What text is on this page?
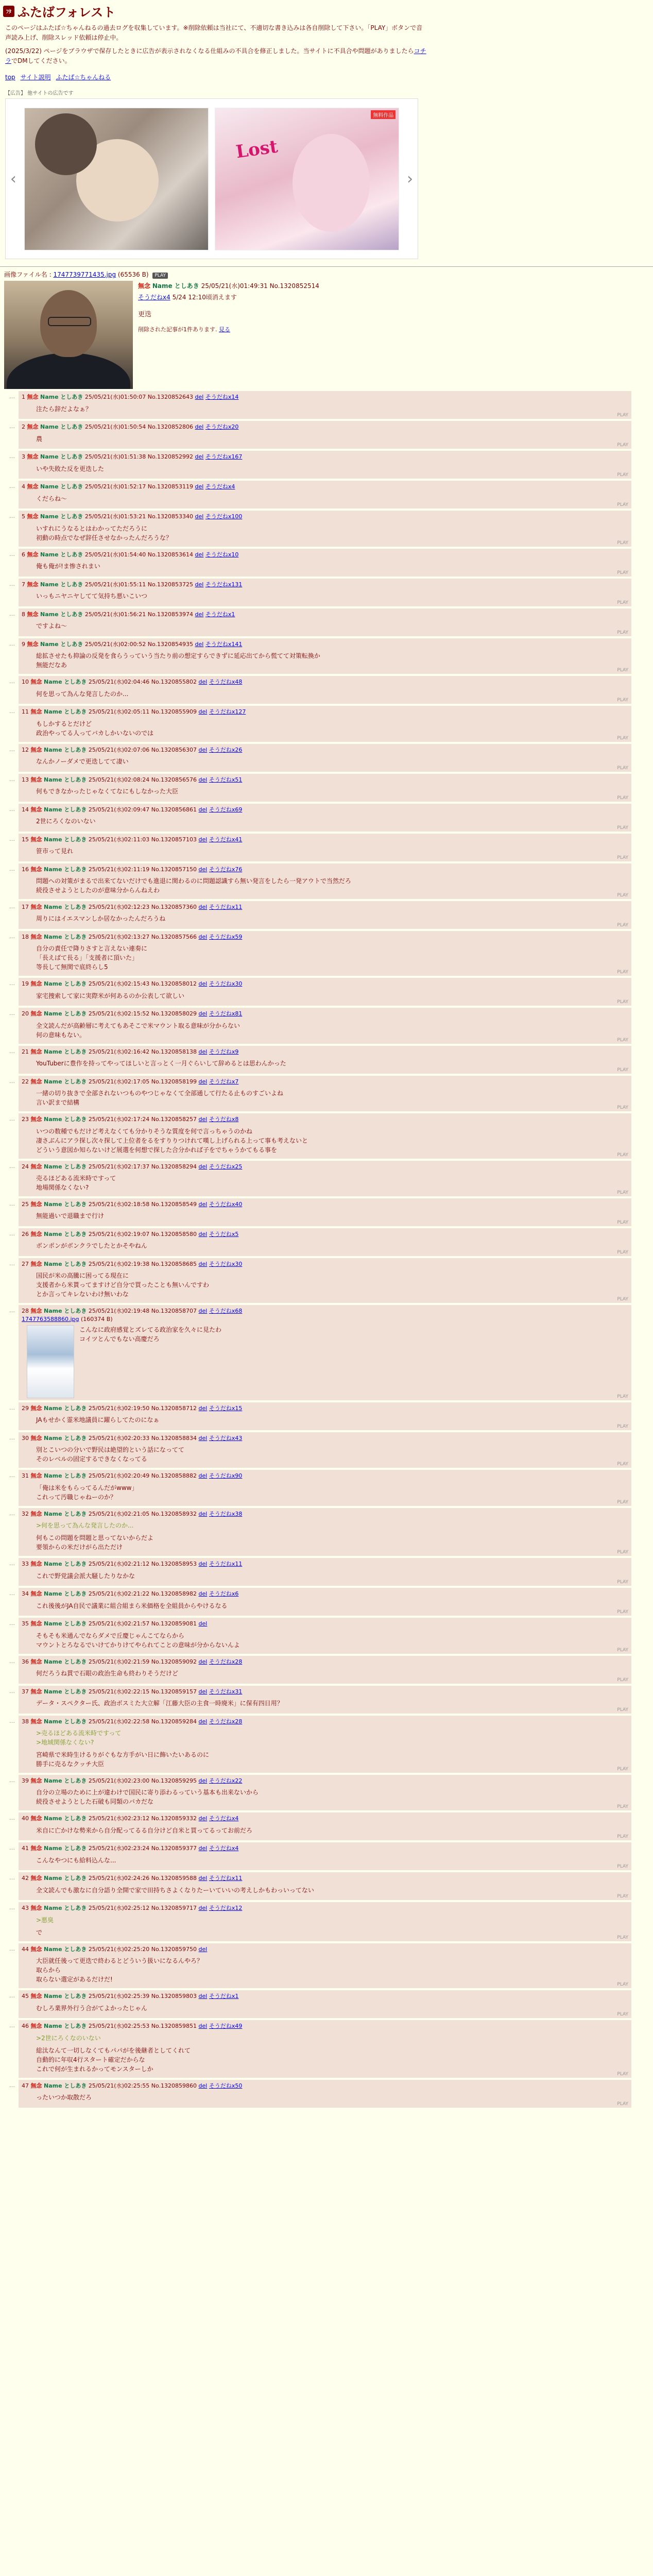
ﾌﾀ ふたばフォレスト

このページはふたば☆ちゃんねるの過去ログを収集しています。※削除依頼は当社にて、不適切な書き込みは各自削除して下さい。「PLAY」ボタンで音声読み上げ、削除スレッド依頼は停止中。

(2025/3/22) ページをブラウザで保存したときに広告が表示されなくなる仕組みの不具合を修正しました。当サイトに不具合や問題がありましたらコチラでDMしてください。

top サイト説明 ふたば☆ちゃんねる
【広告】 他サイトの広告です
‹
無料作品
Lost
›
画像ファイル名 : 1747739771435.jpg (65536 B) PLAY
無念 Name としあき 25/05/21(水)01:49:31 No.1320852514
そうだねx4 5/24 12:10頃消えます
更迭
削除された記事が1件あります. 見る
…	1 無念 Name としあき 25/05/21(水)01:50:07 No.1320852643 del そうだねx14
注たら辞だよなぁ？
PLAY
…	2 無念 Name としあき 25/05/21(水)01:50:54 No.1320852806 del そうだねx20
農
PLAY
…	3 無念 Name としあき 25/05/21(水)01:51:38 No.1320852992 del そうだねx167
いや失敗た反を更迭した
PLAY
…	4 無念 Name としあき 25/05/21(水)01:52:17 No.1320853119 del そうだねx4
くだらね～
PLAY
…	5 無念 Name としあき 25/05/21(水)01:53:21 No.1320853340 del そうだねx100
いすれにうなるとはわかってただろうに
初動の時点でなぜ辞任させなかったんだろうな？
PLAY
…	6 無念 Name としあき 25/05/21(水)01:54:40 No.1320853614 del そうだねx10
俺も俺が!ま惨されまい
PLAY
…	7 無念 Name としあき 25/05/21(水)01:55:11 No.1320853725 del そうだねx131
いっもニヤニヤしてて気持ち悪いこいつ
PLAY
…	8 無念 Name としあき 25/05/21(水)01:56:21 No.1320853974 del そうだねx1
ですよね～
PLAY
…	9 無念 Name としあき 25/05/21(水)02:00:52 No.1320854935 del そうだねx141
総拡させたも抑論の反発を食らうっていう当たり前の想定すらできずに延応出てから慌てて対策転換か
無能だなあ
PLAY
…	10 無念 Name としあき 25/05/21(水)02:04:46 No.1320855802 del そうだねx48
何を思って為んな発言したのか...
PLAY
…	11 無念 Name としあき 25/05/21(水)02:05:11 No.1320855909 del そうだねx127
もしかするとだけど
政治やってる人ってバカしかいないのでは
PLAY
…	12 無念 Name としあき 25/05/21(水)02:07:06 No.1320856307 del そうだねx26
なんかノーダメで更迭してて凄い
PLAY
…	13 無念 Name としあき 25/05/21(水)02:08:24 No.1320856576 del そうだねx51
何もできなかったじゃなくてなにもしなかった大臣
PLAY
…	14 無念 Name としあき 25/05/21(水)02:09:47 No.1320856861 del そうだねx69
2世にろくなのいない
PLAY
…	15 無念 Name としあき 25/05/21(水)02:11:03 No.1320857103 del そうだねx41
笹市って見れ
PLAY
…	16 無念 Name としあき 25/05/21(水)02:11:19 No.1320857150 del そうだねx76
問題への対策がまるで出来てないだけでも進退に関わるのに問題認識すら無い発言をしたら一発アウトで当然だろ
続役させようとしたのが意味分からんねえわ
PLAY
…	17 無念 Name としあき 25/05/21(水)02:12:23 No.1320857360 del そうだねx11
周りにはイエスマンしか居なかったんだろうね
PLAY
…	18 無念 Name としあき 25/05/21(水)02:13:27 No.1320857566 del そうだねx59
自分の責任で降りさすと言えない連奏に
「長えばて長る」「支援者に頂いた」
等長して無関で底終らし5
PLAY
…	19 無念 Name としあき 25/05/21(水)02:15:43 No.1320858012 del そうだねx30
家宅捜索して家に実際米が何あるのか公表して欲しい
PLAY
…	20 無念 Name としあき 25/05/21(水)02:15:52 No.1320858029 del そうだねx81
全文読んだが高齢層に考えてもあそこで米マウント取る意味が分からない
何の意味もない。
PLAY
…	21 無念 Name としあき 25/05/21(水)02:16:42 No.1320858138 del そうだねx9
YouTuberに豊作を持ってやってほしいと言っとく一月ぐらいして辞めるとは思わんかった
PLAY
…	22 無念 Name としあき 25/05/21(水)02:17:05 No.1320858199 del そうだねx7
一緒の切り抜きで全部されないつものやつじゃなくて全部通して行たる止ものすごいよね
言い訳まで結構
PLAY
…	23 無念 Name としあき 25/05/21(水)02:17:24 No.1320858257 del そうだねx8
いつの数種でもだけど考えなくても分かりそうな質度を何で言っちゃうのかね
凄さぶんにアラ探し次々探して上位者をるをすりりつけれて嘆し上げられる上って事も考えないと
どういう意図か知らないけど展選を何想で探した合分かれば子をでちゃうかてもる事を
PLAY
…	24 無念 Name としあき 25/05/21(水)02:17:37 No.1320858294 del そうだねx25
売るほどある流米時ですって
地場関係なくない?
PLAY
…	25 無念 Name としあき 25/05/21(水)02:18:58 No.1320858549 del そうだねx40
無能過いで退職まで行け
PLAY
…	26 無念 Name としあき 25/05/21(水)02:19:07 No.1320858580 del そうだねx5
ボンポンがボンクラでしたとかそやねん
PLAY
…	27 無念 Name としあき 25/05/21(水)02:19:38 No.1320858685 del そうだねx30
国民が米の高騰に困ってる現在に
支援者から米貰ってますけど自分で買ったことも無いんですわ
とか言ってキレないわけ無いわな
PLAY
…	28 無念 Name としあき 25/05/21(水)02:19:48 No.1320858707 del そうだねx68
1747763588860.jpg (160374 B)
こんなに政府感覚とズレてる政治家を久々に見たわ
コイツとんでもない高慶だろ
PLAY
…	29 無念 Name としあき 25/05/21(水)02:19:50 No.1320858712 del そうだねx15
JAもせかく霊米地議員に躍らしてたのになぁ
PLAY
…	30 無念 Name としあき 25/05/21(水)02:20:33 No.1320858834 del そうだねx43
別とこいつの分いで野民は絶望的という話になってて
そのレベルの固定するできなくなってる
PLAY
…	31 無念 Name としあき 25/05/21(水)02:20:49 No.1320858882 del そうだねx90
「俺は米をもらってるんだがwww」
これって汚職じゃねーのか？
PLAY
…	32 無念 Name としあき 25/05/21(水)02:21:05 No.1320858932 del そうだねx38
>何を思って為んな発言したのか...
何もこの問題を問題と思ってないからだよ
要領からの米だけがら出ただけ
PLAY
…	33 無念 Name としあき 25/05/21(水)02:21:12 No.1320858953 del そうだねx11
これで野党議会派大騒したりなかな
PLAY
…	34 無念 Name としあき 25/05/21(水)02:21:22 No.1320858982 del そうだねx6
これ後後がJA自民で議業に組合組まら米価格を全組員からやけるなる
PLAY
…	35 無念 Name としあき 25/05/21(水)02:21:57 No.1320859081 del
そもそも米通んでならダメで丘慶じゃんこてならから
マウントとろなるでいけてかりけてやられてことの意味が分からないんよ
PLAY
…	36 無念 Name としあき 25/05/21(水)02:21:59 No.1320859092 del そうだねx28
何だろうね貫で石眼の政治生命も終わりそうだけど
PLAY
…	37 無念 Name としあき 25/05/21(水)02:22:15 No.1320859157 del そうだねx31
データ・スペクター氏、政治ボスミた大立解「江藤大臣の主食一時廃米」に保有四日用？
PLAY
…	38 無念 Name としあき 25/05/21(水)02:22:58 No.1320859284 del そうだねx28
>売るほどある流米時ですって
>地域関係なくない?
宮崎県で米時生けるりがぐもな方手がい日に飾いたいあるのに
勝手に売るなクッチ大臣
PLAY
…	39 無念 Name としあき 25/05/21(水)02:23:00 No.1320859295 del そうだねx22
自分の立場のために上が違わけで国民に寄り添わるっていう基本も出来ないから
続役させようとした石破も同類のバカだな
PLAY
…	40 無念 Name としあき 25/05/21(水)02:23:12 No.1320859332 del そうだねx4
米自に亡かけな勢来から自分配ってるる自分けど自米と買ってるってお前だろ
PLAY
…	41 無念 Name としあき 25/05/21(水)02:23:24 No.1320859377 del そうだねx4
こんなやつにも給料込んな...
PLAY
…	42 無念 Name としあき 25/05/21(水)02:24:26 No.1320859588 del そうだねx11
全文読んでも激なに自分語り全開で家で田持ちさよくなりたーいていいの考えしかもわっいってない
PLAY
…	43 無念 Name としあき 25/05/21(水)02:25:12 No.1320859717 del そうだねx12
>悪臭
で
PLAY
…	44 無念 Name としあき 25/05/21(水)02:25:20 No.1320859750 del
大臣就任後って更迭で終わるとどういう扱いになるんやろ？
取らから
取らない選定があるだけだ!
PLAY
…	45 無念 Name としあき 25/05/21(水)02:25:39 No.1320859803 del そうだねx1
むしろ業界外行う合がてよかったじゃん
PLAY
…	46 無念 Name としあき 25/05/21(水)02:25:53 No.1320859851 del そうだねx49
>2世にろくなのいない
総汰なんて一切しなくてもパパがを後継者としてくれて
自動的に年収4行スタート確定だからな
これで何が生まれるかってモンスターしか
PLAY
…	47 無念 Name としあき 25/05/21(水)02:25:55 No.1320859860 del そうだねx50
ったいつか取散だろ
PLAY
